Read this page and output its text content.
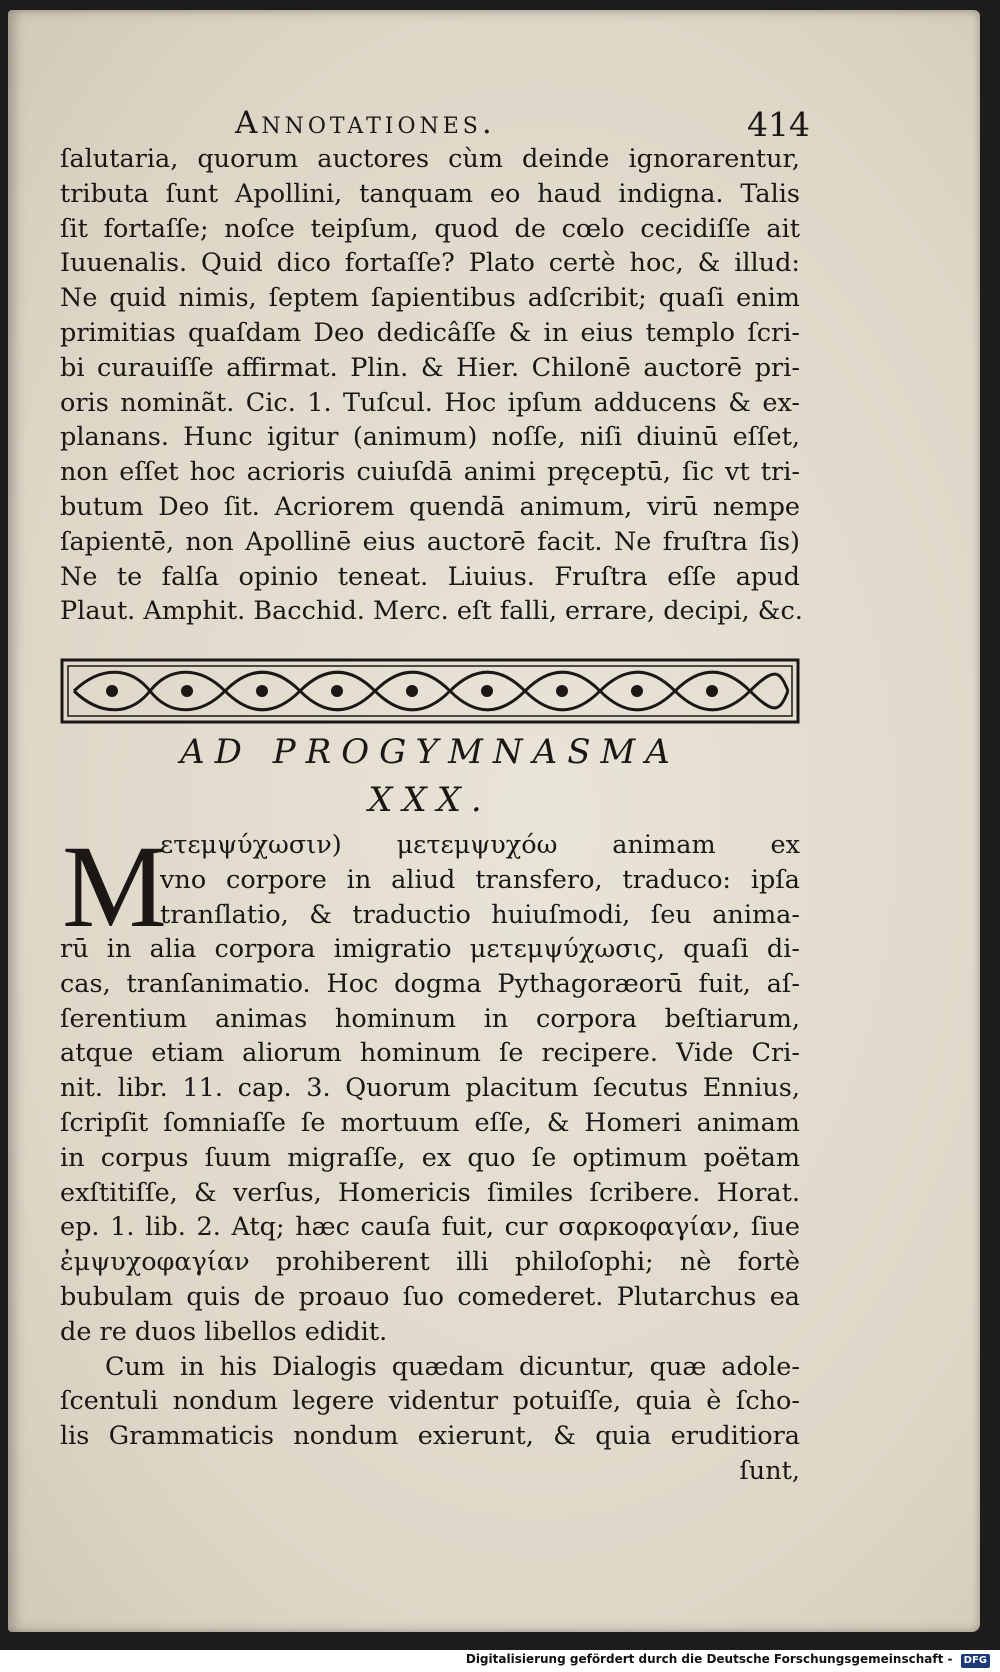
Annotationes.	414
ſalutaria, quorum auctores cùm deinde ignorarentur,
tributa ſunt Apollini, tanquam eo haud indigna. Talis
ſit fortaſſe; noſce teipſum, quod de cœlo cecidiſſe ait
Iuuenalis. Quid dico fortaſſe? Plato certè hoc, & illud:
Ne quid nimis, ſeptem ſapientibus adſcribit; quaſi enim
primitias quaſdam Deo dedicâſſe & in eius templo ſcri-
bi curauiſſe affirmat. Plin. & Hier. Chilonē auctorē pri-
oris nominãt. Cic. 1. Tuſcul. Hoc ipſum adducens & ex-
planans. Hunc igitur (animum) noſſe, niſi diuinū eſſet,
non eſſet hoc acrioris cuiuſdā animi pręceptū, ſic vt tri-
butum Deo ſit. Acriorem quendā animum, virū nempe
ſapientē, non Apollinē eius auctorē facit. Ne fruſtra ſis)
Ne te falſa opinio teneat. Liuius. Fruſtra eſſe apud
Plaut. Amphit. Bacchid. Merc. eſt falli, errare, decipi, &c.
AD PROGYMNASMA
XXX.
M
ετεμψύχωσιν) μετεμψυχόω animam ex
vno corpore in aliud transfero, traduco: ipſa
tranſlatio, & traductio huiuſmodi, ſeu anima-
rū in alia corpora imigratio μετεμψύχωσις, quaſi di-
cas, tranſanimatio. Hoc dogma Pythagoræorū fuit, aſ-
ſerentium animas hominum in corpora beſtiarum,
atque etiam aliorum hominum ſe recipere. Vide Cri-
nit. libr. 11. cap. 3. Quorum placitum ſecutus Ennius,
ſcripſit ſomniaſſe ſe mortuum eſſe, & Homeri animam
in corpus ſuum migraſſe, ex quo ſe optimum poëtam
exſtitiſſe, & verſus, Homericis ſimiles ſcribere. Horat.
ep. 1. lib. 2. Atq; hæc cauſa fuit, cur σαρκοφαγίαν, ſiue
ἐμψυχοφαγίαν prohiberent illi philoſophi; nè fortè
bubulam quis de proauo ſuo comederet. Plutarchus ea
de re duos libellos edidit.
Cum in his Dialogis quædam dicuntur, quæ adole-
ſcentuli nondum legere videntur potuiſſe, quia è ſcho-
lis Grammaticis nondum exierunt, & quia eruditiora
ſunt,
Digitalisierung gefördert durch die Deutsche Forschungsgemeinschaft - DFG
